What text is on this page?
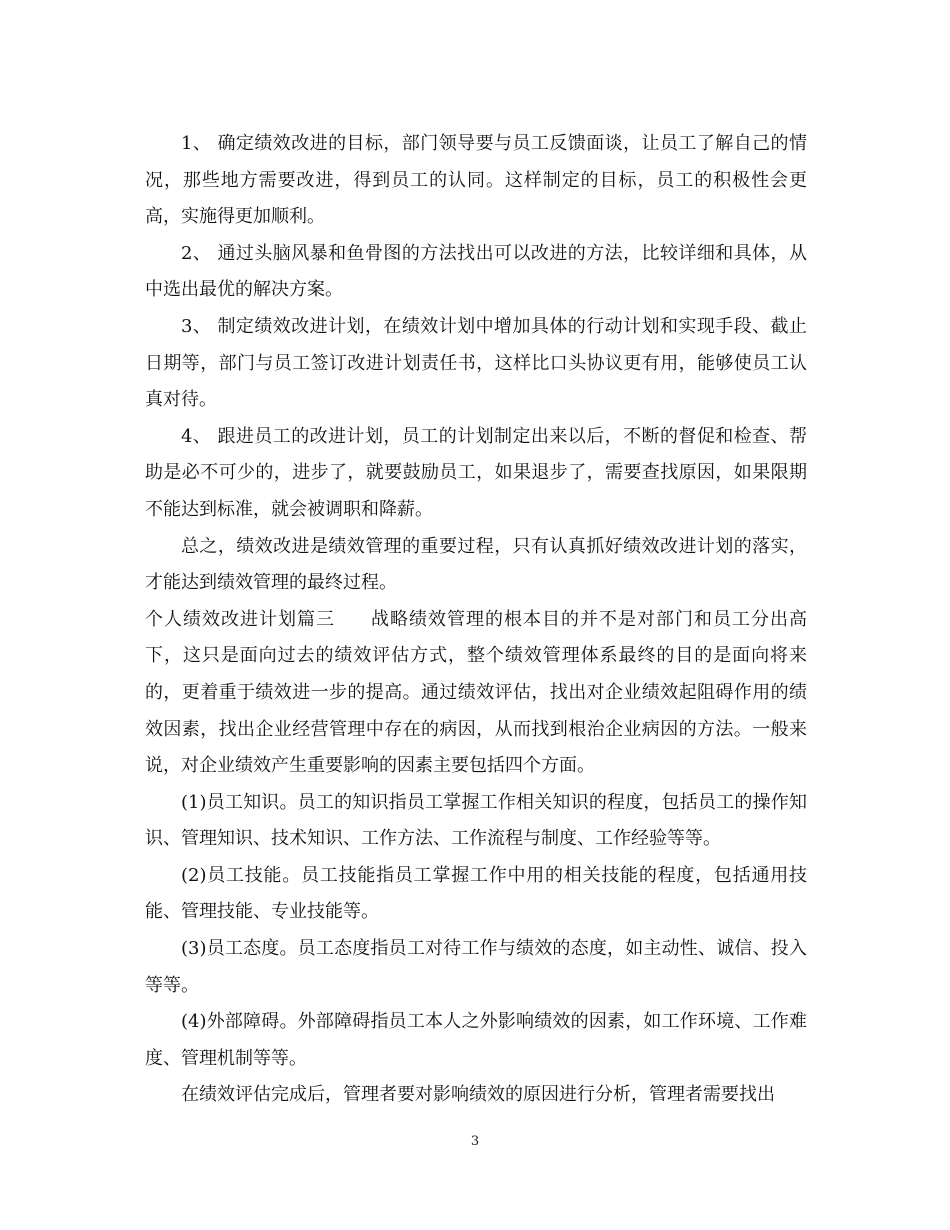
1、 确定绩效改进的目标，部门领导要与员工反馈面谈，让员工了解自己的情况，那些地方需要改进，得到员工的认同。这样制定的目标，员工的积极性会更高，实施得更加顺利。

2、 通过头脑风暴和鱼骨图的方法找出可以改进的方法，比较详细和具体，从中选出最优的解决方案。

3、 制定绩效改进计划，在绩效计划中增加具体的行动计划和实现手段、截止日期等，部门与员工签订改进计划责任书，这样比口头协议更有用，能够使员工认真对待。

4、 跟进员工的改进计划，员工的计划制定出来以后，不断的督促和检查、帮助是必不可少的，进步了，就要鼓励员工，如果退步了，需要查找原因，如果限期不能达到标准，就会被调职和降薪。

总之，绩效改进是绩效管理的重要过程，只有认真抓好绩效改进计划的落实，才能达到绩效管理的最终过程。

个人绩效改进计划篇三 战略绩效管理的根本目的并不是对部门和员工分出高下，这只是面向过去的绩效评估方式，整个绩效管理体系最终的目的是面向将来的，更着重于绩效进一步的提高。通过绩效评估，找出对企业绩效起阻碍作用的绩效因素，找出企业经营管理中存在的病因，从而找到根治企业病因的方法。一般来说，对企业绩效产生重要影响的因素主要包括四个方面。

(1)员工知识。员工的知识指员工掌握工作相关知识的程度，包括员工的操作知识、管理知识、技术知识、工作方法、工作流程与制度、工作经验等等。

(2)员工技能。员工技能指员工掌握工作中用的相关技能的程度，包括通用技能、管理技能、专业技能等。

(3)员工态度。员工态度指员工对待工作与绩效的态度，如主动性、诚信、投入等等。

(4)外部障碍。外部障碍指员工本人之外影响绩效的因素，如工作环境、工作难度、管理机制等等。

在绩效评估完成后，管理者要对影响绩效的原因进行分析，管理者需要找出

3
